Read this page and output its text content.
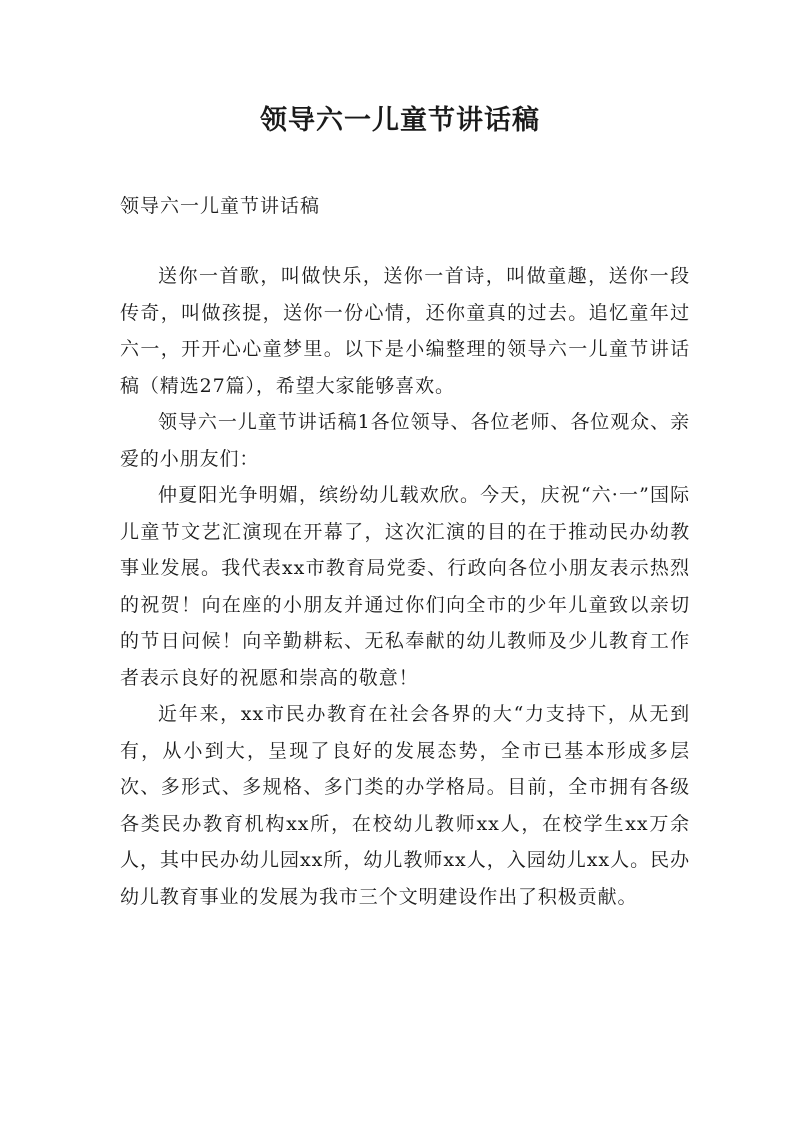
领导六一儿童节讲话稿
领导六一儿童节讲话稿

送你一首歌，叫做快乐，送你一首诗，叫做童趣，送你一段传奇，叫做孩提，送你一份心情，还你童真的过去。追忆童年过六一，开开心心童梦里。以下是小编整理的领导六一儿童节讲话稿（精选27篇），希望大家能够喜欢。

领导六一儿童节讲话稿1各位领导、各位老师、各位观众、亲爱的小朋友们：

仲夏阳光争明媚，缤纷幼儿载欢欣。今天，庆祝“六·一”国际儿童节文艺汇演现在开幕了，这次汇演的目的在于推动民办幼教事业发展。我代表xx市教育局党委、行政向各位小朋友表示热烈的祝贺！向在座的小朋友并通过你们向全市的少年儿童致以亲切的节日问候！向辛勤耕耘、无私奉献的幼儿教师及少儿教育工作者表示良好的祝愿和崇高的敬意！

近年来，xx市民办教育在社会各界的大“力支持下，从无到有，从小到大，呈现了良好的发展态势，全市已基本形成多层次、多形式、多规格、多门类的办学格局。目前，全市拥有各级各类民办教育机构xx所，在校幼儿教师xx人，在校学生xx万余人，其中民办幼儿园xx所，幼儿教师xx人，入园幼儿xx人。民办幼儿教育事业的发展为我市三个文明建设作出了积极贡献。
